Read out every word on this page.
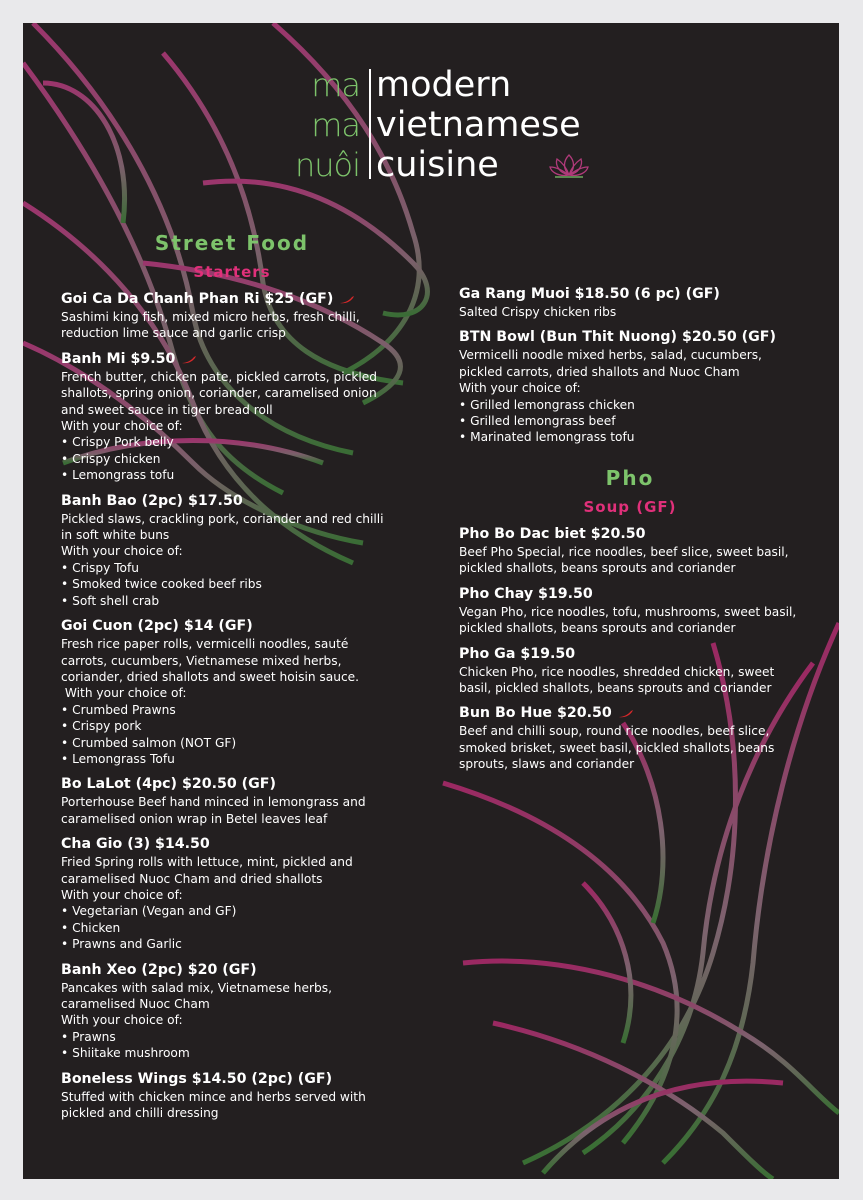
ma
ma
nuôi
modern
vietnamese
cuisine
Street Food
Starters
Pho
Soup (GF)
Goi Ca Da Chanh Phan Ri $25 (GF)
Sashimi king fish, mixed micro herbs, fresh chilli,
reduction lime sauce and garlic crisp
Banh Mi $9.50
French butter, chicken pate, pickled carrots, pickled
shallots, spring onion, coriander, caramelised onion
and sweet sauce in tiger bread roll
With your choice of:
• Crispy Pork belly
• Crispy chicken
• Lemongrass tofu
Banh Bao (2pc) $17.50
Pickled slaws, crackling pork, coriander and red chilli
in soft white buns
With your choice of:
• Crispy Tofu
• Smoked twice cooked beef ribs
• Soft shell crab
Goi Cuon (2pc) $14 (GF)
Fresh rice paper rolls, vermicelli noodles, sauté
carrots, cucumbers, Vietnamese mixed herbs,
coriander, dried shallots and sweet hoisin sauce.
With your choice of:
• Crumbed Prawns
• Crispy pork
• Crumbed salmon (NOT GF)
• Lemongrass Tofu
Bo LaLot (4pc) $20.50 (GF)
Porterhouse Beef hand minced in lemongrass and
caramelised onion wrap in Betel leaves leaf
Cha Gio (3) $14.50
Fried Spring rolls with lettuce, mint, pickled and
caramelised Nuoc Cham and dried shallots
With your choice of:
• Vegetarian (Vegan and GF)
• Chicken
• Prawns and Garlic
Banh Xeo (2pc) $20 (GF)
Pancakes with salad mix, Vietnamese herbs,
caramelised Nuoc Cham
With your choice of:
• Prawns
• Shiitake mushroom
Boneless Wings $14.50 (2pc) (GF)
Stuffed with chicken mince and herbs served with
pickled and chilli dressing
Ga Rang Muoi $18.50 (6 pc) (GF)
Salted Crispy chicken ribs
BTN Bowl (Bun Thit Nuong) $20.50 (GF)
Vermicelli noodle mixed herbs, salad, cucumbers,
pickled carrots, dried shallots and Nuoc Cham
With your choice of:
• Grilled lemongrass chicken
• Grilled lemongrass beef
• Marinated lemongrass tofu
Pho Bo Dac biet $20.50
Beef Pho Special, rice noodles, beef slice, sweet basil,
pickled shallots, beans sprouts and coriander
Pho Chay $19.50
Vegan Pho, rice noodles, tofu, mushrooms, sweet basil,
pickled shallots, beans sprouts and coriander
Pho Ga $19.50
Chicken Pho, rice noodles, shredded chicken, sweet
basil, pickled shallots, beans sprouts and coriander
Bun Bo Hue $20.50
Beef and chilli soup, round rice noodles, beef slice,
smoked brisket, sweet basil, pickled shallots, beans
sprouts, slaws and coriander
